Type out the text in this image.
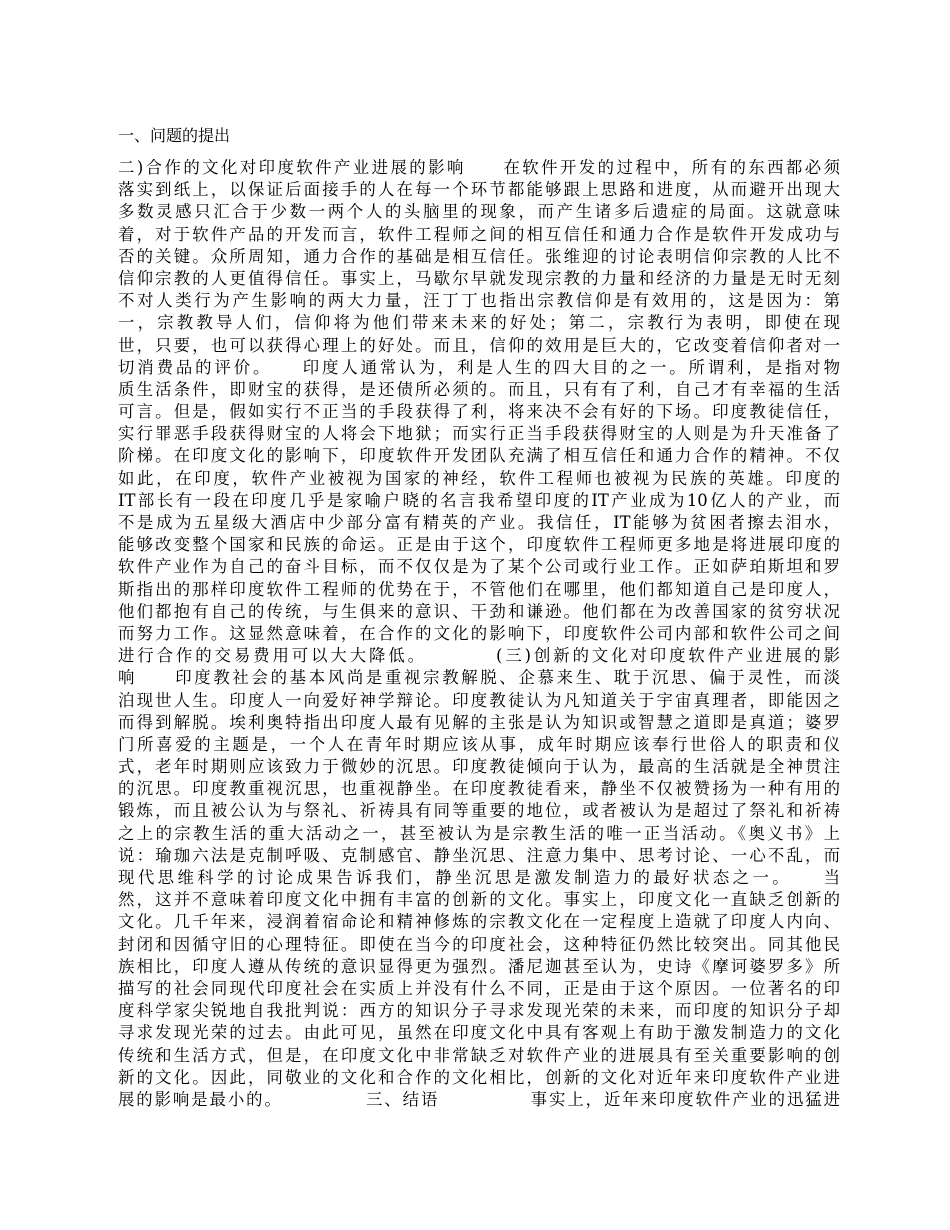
一、问题的提出
二)合作的文化对印度软件产业进展的影响　　在软件开发的过程中，所有的东西都必须
落实到纸上，以保证后面接手的人在每一个环节都能够跟上思路和进度，从而避开出现大
多数灵感只汇合于少数一两个人的头脑里的现象，而产生诸多后遗症的局面。这就意味
着，对于软件产品的开发而言，软件工程师之间的相互信任和通力合作是软件开发成功与
否的关键。众所周知，通力合作的基础是相互信任。张维迎的讨论表明信仰宗教的人比不
信仰宗教的人更值得信任。事实上，马歇尔早就发现宗教的力量和经济的力量是无时无刻
不对人类行为产生影响的两大力量，汪丁丁也指出宗教信仰是有效用的，这是因为：第
一，宗教教导人们，信仰将为他们带来未来的好处；第二，宗教行为表明，即使在现
世，只要，也可以获得心理上的好处。而且，信仰的效用是巨大的，它改变着信仰者对一
切消费品的评价。　　印度人通常认为，利是人生的四大目的之一。所谓利，是指对物
质生活条件，即财宝的获得，是还债所必须的。而且，只有有了利，自己才有幸福的生活
可言。但是，假如实行不正当的手段获得了利，将来决不会有好的下场。印度教徒信任，
实行罪恶手段获得财宝的人将会下地狱；而实行正当手段获得财宝的人则是为升天准备了
阶梯。在印度文化的影响下，印度软件开发团队充满了相互信任和通力合作的精神。不仅
如此，在印度，软件产业被视为国家的神经，软件工程师也被视为民族的英雄。印度的
IT部长有一段在印度几乎是家喻户晓的名言我希望印度的IT产业成为10亿人的产业，而
不是成为五星级大酒店中少部分富有精英的产业。我信任，IT能够为贫困者擦去泪水，
能够改变整个国家和民族的命运。正是由于这个，印度软件工程师更多地是将进展印度的
软件产业作为自己的奋斗目标，而不仅仅是为了某个公司或行业工作。正如萨珀斯坦和罗
斯指出的那样印度软件工程师的优势在于，不管他们在哪里，他们都知道自己是印度人，
他们都抱有自己的传统，与生俱来的意识、干劲和谦逊。他们都在为改善国家的贫穷状况
而努力工作。这显然意味着，在合作的文化的影响下，印度软件公司内部和软件公司之间
进行合作的交易费用可以大大降低。　　　　(三)创新的文化对印度软件产业进展的影
响　　印度教社会的基本风尚是重视宗教解脱、企慕来生、耽于沉思、偏于灵性，而淡
泊现世人生。印度人一向爱好神学辩论。印度教徒认为凡知道关于宇宙真理者，即能因之
而得到解脱。埃利奥特指出印度人最有见解的主张是认为知识或智慧之道即是真道；婆罗
门所喜爱的主题是，一个人在青年时期应该从事，成年时期应该奉行世俗人的职责和仪
式，老年时期则应该致力于微妙的沉思。印度教徒倾向于认为，最高的生活就是全神贯注
的沉思。印度教重视沉思，也重视静坐。在印度教徒看来，静坐不仅被赞扬为一种有用的
锻炼，而且被公认为与祭礼、祈祷具有同等重要的地位，或者被认为是超过了祭礼和祈祷
之上的宗教生活的重大活动之一，甚至被认为是宗教生活的唯一正当活动。《奥义书》上
说：瑜珈六法是克制呼吸、克制感官、静坐沉思、注意力集中、思考讨论、一心不乱，而
现代思维科学的讨论成果告诉我们，静坐沉思是激发制造力的最好状态之一。　　当
然，这并不意味着印度文化中拥有丰富的创新的文化。事实上，印度文化一直缺乏创新的
文化。几千年来，浸润着宿命论和精神修炼的宗教文化在一定程度上造就了印度人内向、
封闭和因循守旧的心理特征。即使在当今的印度社会，这种特征仍然比较突出。同其他民
族相比，印度人遵从传统的意识显得更为强烈。潘尼迦甚至认为，史诗《摩诃婆罗多》所
描写的社会同现代印度社会在实质上并没有什么不同，正是由于这个原因。一位著名的印
度科学家尖锐地自我批判说：西方的知识分子寻求发现光荣的未来，而印度的知识分子却
寻求发现光荣的过去。由此可见，虽然在印度文化中具有客观上有助于激发制造力的文化
传统和生活方式，但是，在印度文化中非常缺乏对软件产业的进展具有至关重要影响的创
新的文化。因此，同敬业的文化和合作的文化相比，创新的文化对近年来印度软件产业进
展的影响是最小的。　　　　　三、结语　　　　　事实上，近年来印度软件产业的迅猛进
